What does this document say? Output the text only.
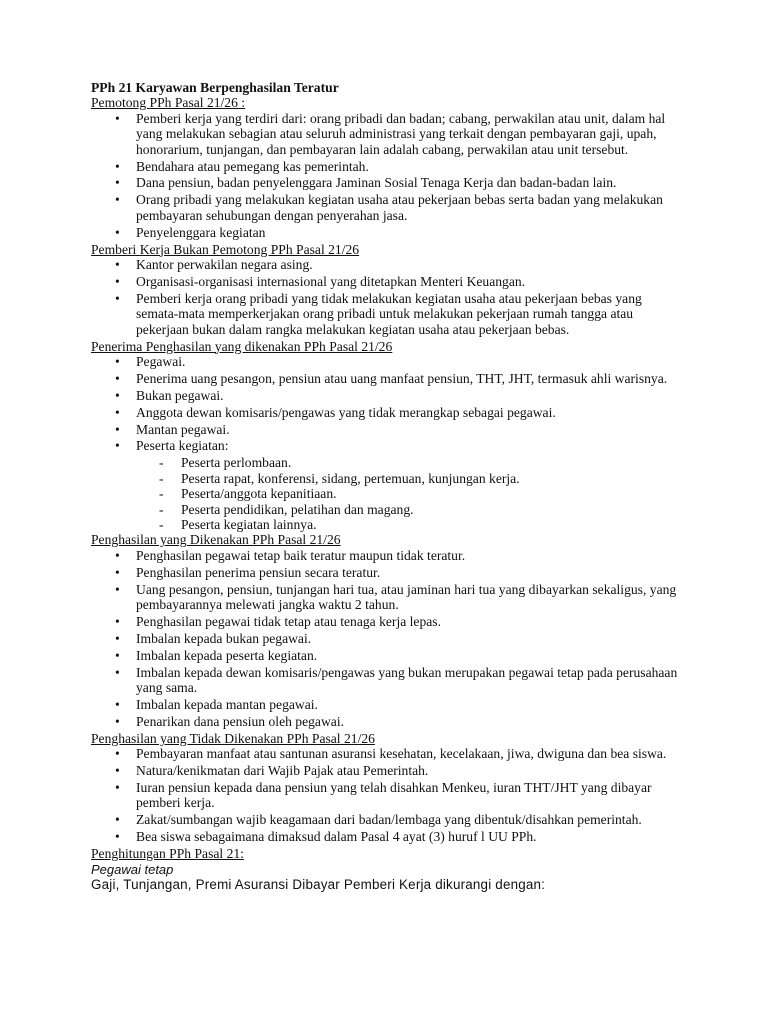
PPh 21 Karyawan Berpenghasilan Teratur

Pemotong PPh Pasal 21/26 :

• Pemberi kerja yang terdiri dari: orang pribadi dan badan; cabang, perwakilan atau unit, dalam hal yang melakukan sebagian atau seluruh administrasi yang terkait dengan pembayaran gaji, upah, honorarium, tunjangan, dan pembayaran lain adalah cabang, perwakilan atau unit tersebut.
• Bendahara atau pemegang kas pemerintah.
• Dana pensiun, badan penyelenggara Jaminan Sosial Tenaga Kerja dan badan-badan lain.
• Orang pribadi yang melakukan kegiatan usaha atau pekerjaan bebas serta badan yang melakukan pembayaran sehubungan dengan penyerahan jasa.
• Penyelenggara kegiatan

Pemberi Kerja Bukan Pemotong PPh Pasal 21/26

• Kantor perwakilan negara asing.
• Organisasi-organisasi internasional yang ditetapkan Menteri Keuangan.
• Pemberi kerja orang pribadi yang tidak melakukan kegiatan usaha atau pekerjaan bebas yang semata-mata memperkerjakan orang pribadi untuk melakukan pekerjaan rumah tangga atau pekerjaan bukan dalam rangka melakukan kegiatan usaha atau pekerjaan bebas.

Penerima Penghasilan yang dikenakan PPh Pasal 21/26

• Pegawai.
• Penerima uang pesangon, pensiun atau uang manfaat pensiun, THT, JHT, termasuk ahli warisnya.
• Bukan pegawai.
• Anggota dewan komisaris/pengawas yang tidak merangkap sebagai pegawai.
• Mantan pegawai.
• Peserta kegiatan:
- Peserta perlombaan.
- Peserta rapat, konferensi, sidang, pertemuan, kunjungan kerja.
- Peserta/anggota kepanitiaan.
- Peserta pendidikan, pelatihan dan magang.
- Peserta kegiatan lainnya.

Penghasilan yang Dikenakan PPh Pasal 21/26

• Penghasilan pegawai tetap baik teratur maupun tidak teratur.
• Penghasilan penerima pensiun secara teratur.
• Uang pesangon, pensiun, tunjangan hari tua, atau jaminan hari tua yang dibayarkan sekaligus, yang pembayarannya melewati jangka waktu 2 tahun.
• Penghasilan pegawai tidak tetap atau tenaga kerja lepas.
• Imbalan kepada bukan pegawai.
• Imbalan kepada peserta kegiatan.
• Imbalan kepada dewan komisaris/pengawas yang bukan merupakan pegawai tetap pada perusahaan yang sama.
• Imbalan kepada mantan pegawai.
• Penarikan dana pensiun oleh pegawai.

Penghasilan yang Tidak Dikenakan PPh Pasal 21/26

• Pembayaran manfaat atau santunan asuransi kesehatan, kecelakaan, jiwa, dwiguna dan bea siswa.
• Natura/kenikmatan dari Wajib Pajak atau Pemerintah.
• Iuran pensiun kepada dana pensiun yang telah disahkan Menkeu, iuran THT/JHT yang dibayar pemberi kerja.
• Zakat/sumbangan wajib keagamaan dari badan/lembaga yang dibentuk/disahkan pemerintah.
• Bea siswa sebagaimana dimaksud dalam Pasal 4 ayat (3) huruf l UU PPh.

Penghitungan PPh Pasal 21:

Pegawai tetap

Gaji, Tunjangan, Premi Asuransi Dibayar Pemberi Kerja dikurangi dengan:
